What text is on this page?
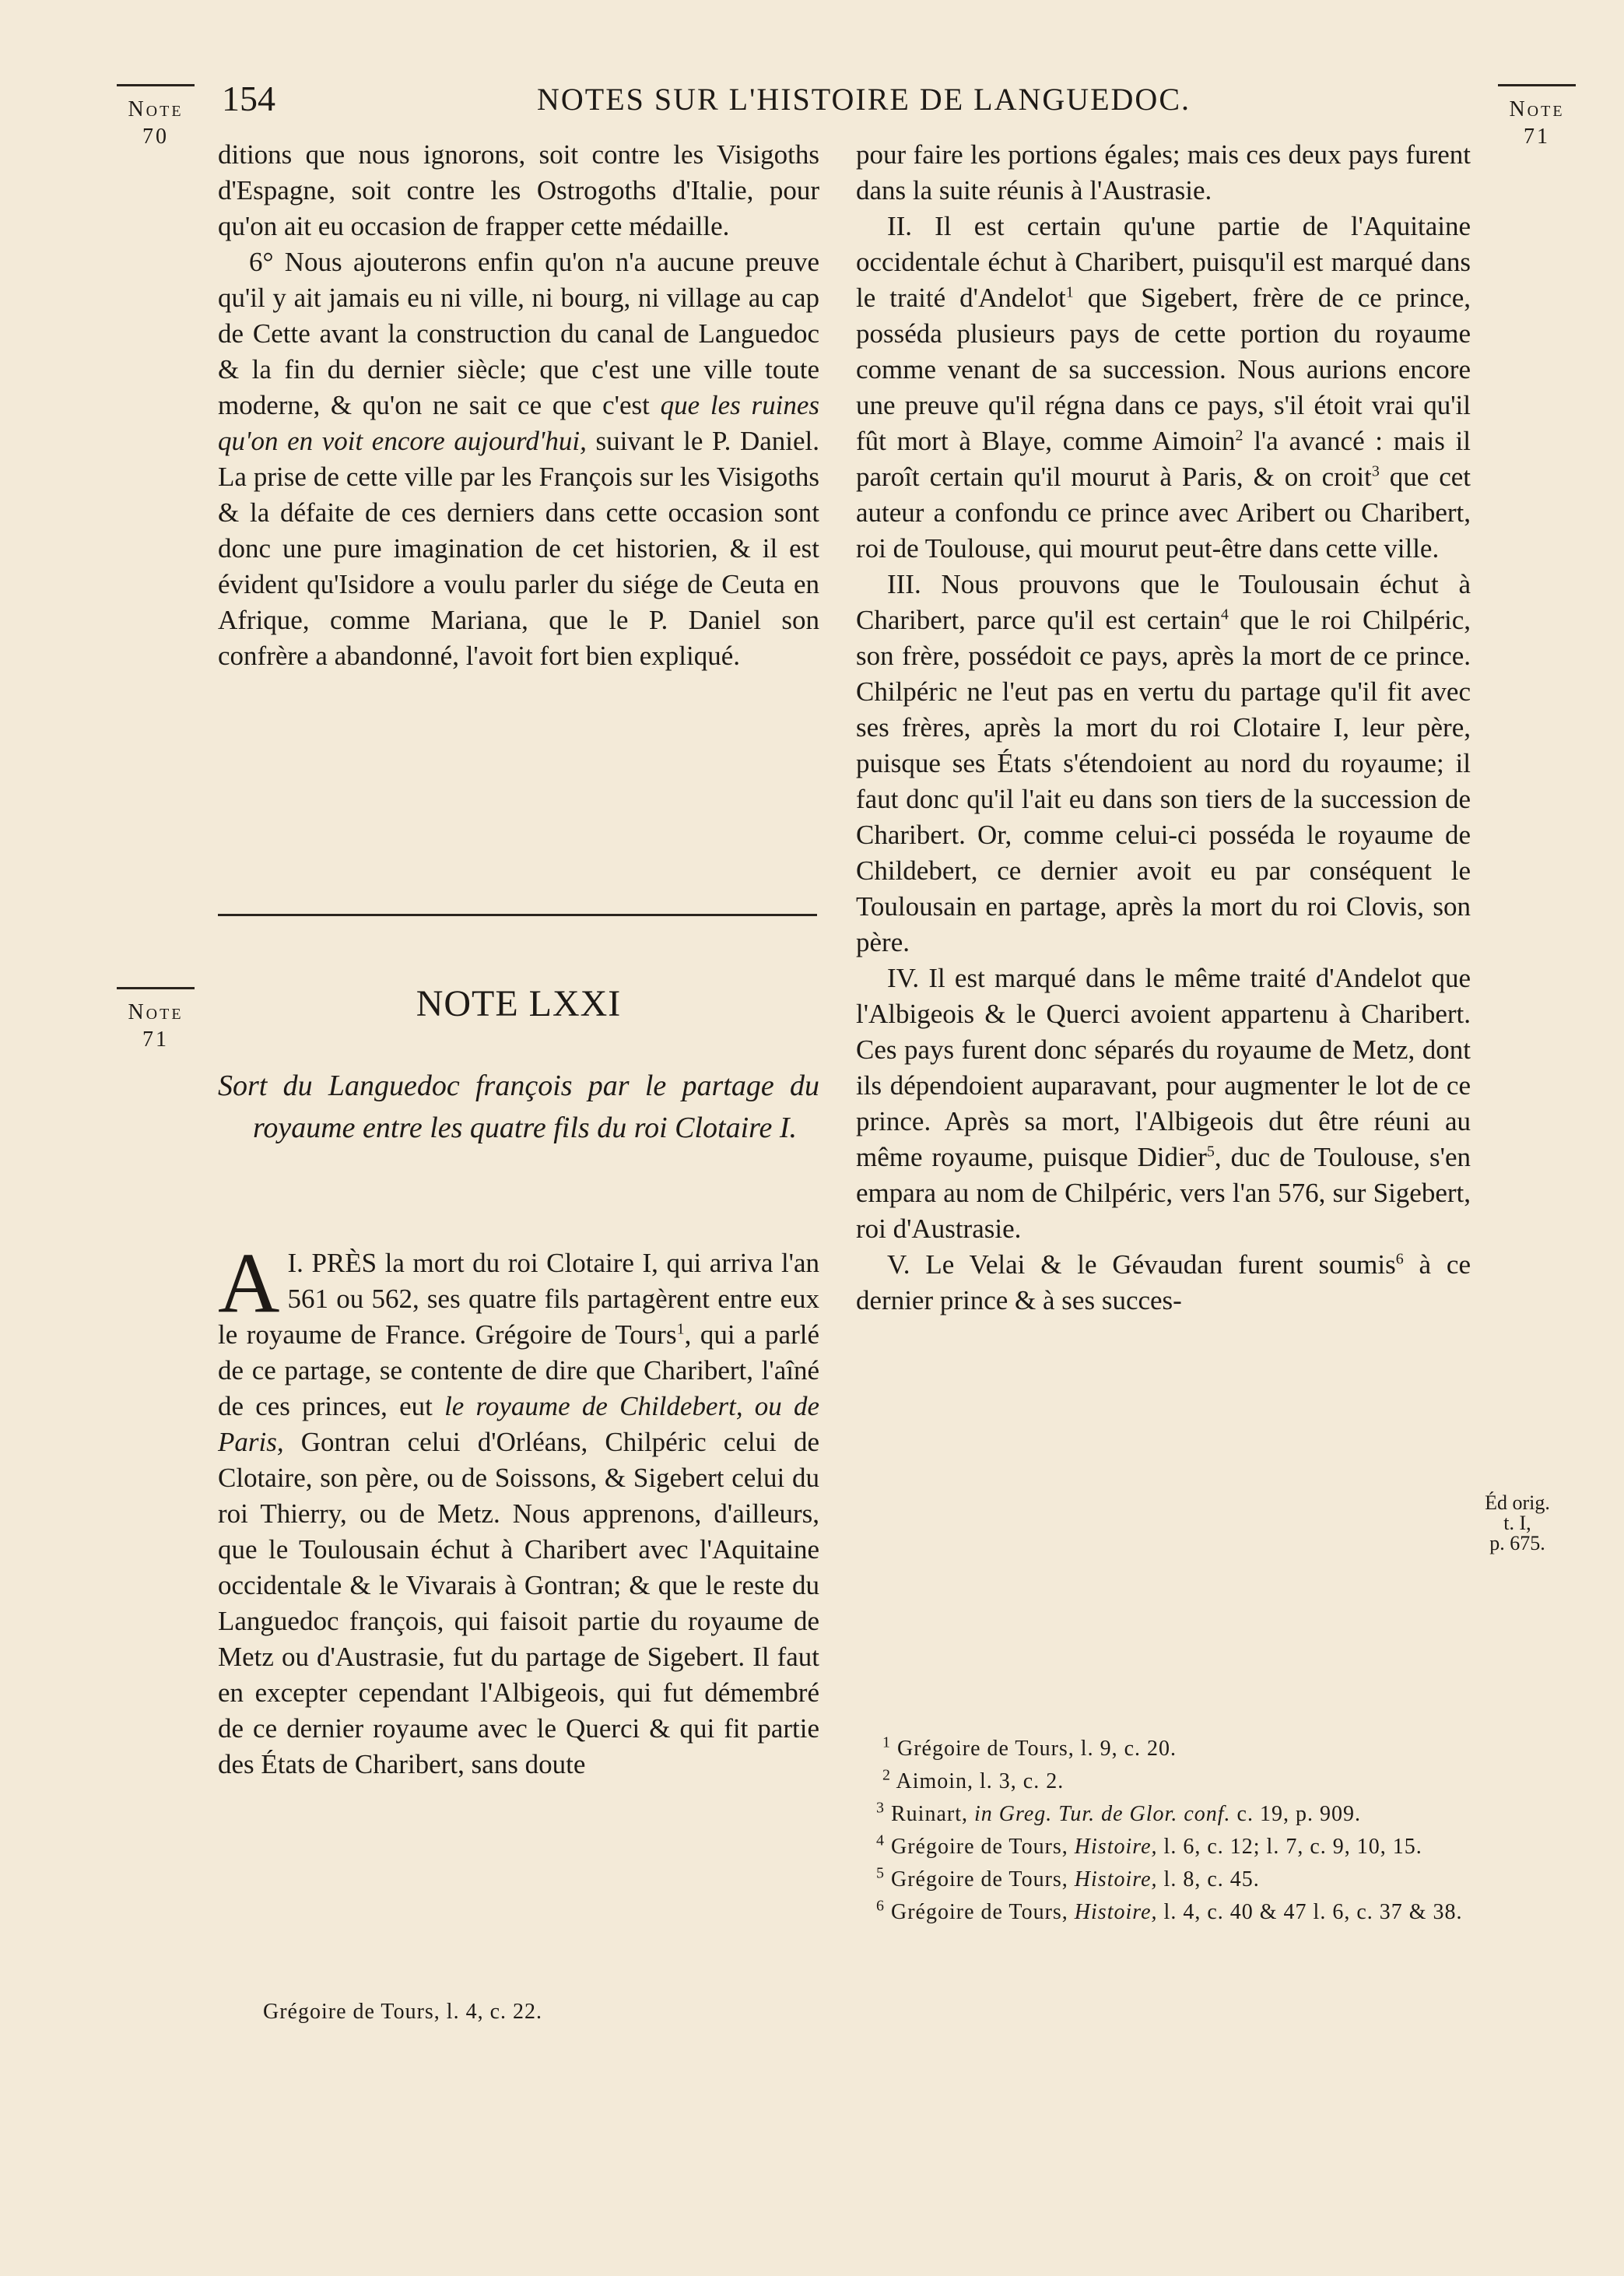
Note
70
Note
71
Note
71
Éd orig.
t. I,
p. 675.
154	NOTES SUR L'HISTOIRE DE LANGUEDOC.

ditions que nous ignorons, soit contre les Visigoths d'Espagne, soit contre les Ostrogoths d'Italie, pour qu'on ait eu occasion de frapper cette médaille.

6° Nous ajouterons enfin qu'on n'a aucune preuve qu'il y ait jamais eu ni ville, ni bourg, ni village au cap de Cette avant la construction du canal de Languedoc & la fin du dernier siècle; que c'est une ville toute moderne, & qu'on ne sait ce que c'est que les ruines qu'on en voit encore aujourd'hui, suivant le P. Daniel. La prise de cette ville par les François sur les Visigoths & la défaite de ces derniers dans cette occasion sont donc une pure imagination de cet historien, & il est évident qu'Isidore a voulu parler du siége de Ceuta en Afrique, comme Mariana, que le P. Daniel son confrère a abandonné, l'avoit fort bien expliqué.

NOTE LXXI
Sort du Languedoc françois par le partage du royaume entre les quatre fils du roi Clotaire I.

I.
A PRÈS la mort du roi Clotaire I, qui arriva l'an 561 ou 562, ses quatre fils partagèrent entre eux le royaume de France. Grégoire de Tours$^1$, qui a parlé de ce partage, se contente de dire que Charibert, l'aîné de ces princes, eut le royaume de Childebert, ou de Paris, Gontran celui d'Orléans, Chilpéric celui de Clotaire, son père, ou de Soissons, & Sigebert celui du roi Thierry, ou de Metz. Nous apprenons, d'ailleurs, que le Toulousain échut à Charibert avec l'Aquitaine occidentale & le Vivarais à Gontran; & que le reste du Languedoc françois, qui faisoit partie du royaume de Metz ou d'Austrasie, fut du partage de Sigebert. Il faut en excepter cependant l'Albigeois, qui fut démembré de ce dernier royaume avec le Querci & qui fit partie des États de Charibert, sans doute

Grégoire de Tours, l. 4, c. 22.

pour faire les portions égales; mais ces deux pays furent dans la suite réunis à l'Austrasie.

II. Il est certain qu'une partie de l'Aquitaine occidentale échut à Charibert, puisqu'il est marqué dans le traité d'Andelot$^1$ que Sigebert, frère de ce prince, posséda plusieurs pays de cette portion du royaume comme venant de sa succession. Nous aurions encore une preuve qu'il régna dans ce pays, s'il étoit vrai qu'il fût mort à Blaye, comme Aimoin$^2$ l'a avancé : mais il paroît certain qu'il mourut à Paris, & on croit$^3$ que cet auteur a confondu ce prince avec Aribert ou Charibert, roi de Toulouse, qui mourut peut-être dans cette ville.

III. Nous prouvons que le Toulousain échut à Charibert, parce qu'il est certain$^4$ que le roi Chilpéric, son frère, possédoit ce pays, après la mort de ce prince. Chilpéric ne l'eut pas en vertu du partage qu'il fit avec ses frères, après la mort du roi Clotaire I, leur père, puisque ses États s'étendoient au nord du royaume; il faut donc qu'il l'ait eu dans son tiers de la succession de Charibert. Or, comme celui-ci posséda le royaume de Childebert, ce dernier avoit eu par conséquent le Toulousain en partage, après la mort du roi Clovis, son père.

IV. Il est marqué dans le même traité d'Andelot que l'Albigeois & le Querci avoient appartenu à Charibert. Ces pays furent donc séparés du royaume de Metz, dont ils dépendoient auparavant, pour augmenter le lot de ce prince. Après sa mort, l'Albigeois dut être réuni au même royaume, puisque Didier$^5$, duc de Toulouse, s'en empara au nom de Chilpéric, vers l'an 576, sur Sigebert, roi d'Austrasie.

V. Le Velai & le Gévaudan furent soumis$^6$ à ce dernier prince & à ses succes-

$^1$ Grégoire de Tours, l. 9, c. 20.

$^2$ Aimoin, l. 3, c. 2.

$^3$ Ruinart, in Greg. Tur. de Glor. conf. c. 19, p. 909.

$^4$ Grégoire de Tours, Histoire, l. 6, c. 12; l. 7, c. 9, 10, 15.

$^5$ Grégoire de Tours, Histoire, l. 8, c. 45.

$^6$ Grégoire de Tours, Histoire, l. 4, c. 40 & 47 l. 6, c. 37 & 38.
